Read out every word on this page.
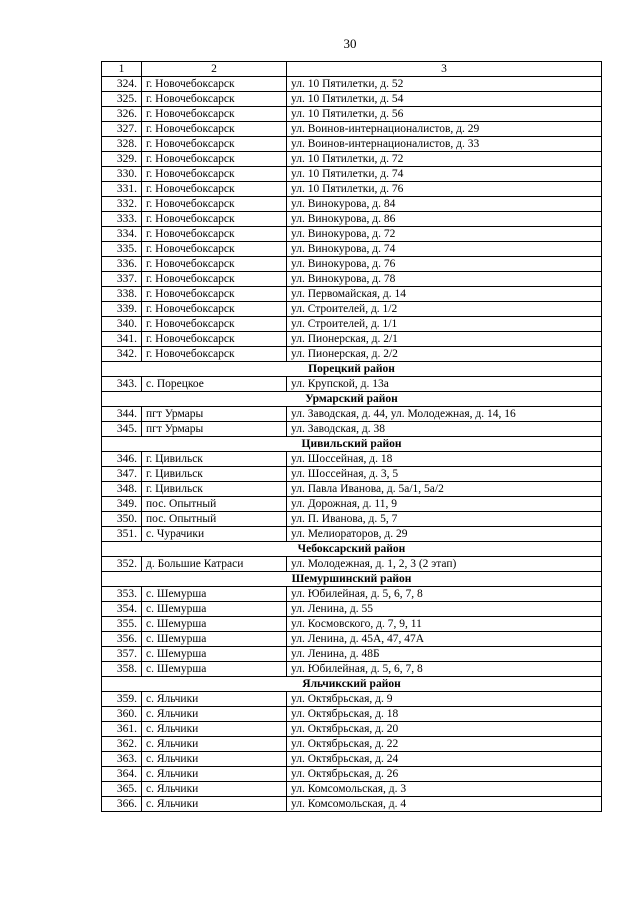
30
1	2	3
324.	г. Новочебоксарск	ул. 10 Пятилетки, д. 52
325.	г. Новочебоксарск	ул. 10 Пятилетки, д. 54
326.	г. Новочебоксарск	ул. 10 Пятилетки, д. 56
327.	г. Новочебоксарск	ул. Воинов-интернационалистов, д. 29
328.	г. Новочебоксарск	ул. Воинов-интернационалистов, д. 33
329.	г. Новочебоксарск	ул. 10 Пятилетки, д. 72
330.	г. Новочебоксарск	ул. 10 Пятилетки, д. 74
331.	г. Новочебоксарск	ул. 10 Пятилетки, д. 76
332.	г. Новочебоксарск	ул. Винокурова, д. 84
333.	г. Новочебоксарск	ул. Винокурова, д. 86
334.	г. Новочебоксарск	ул. Винокурова, д. 72
335.	г. Новочебоксарск	ул. Винокурова, д. 74
336.	г. Новочебоксарск	ул. Винокурова, д. 76
337.	г. Новочебоксарск	ул. Винокурова, д. 78
338.	г. Новочебоксарск	ул. Первомайская, д. 14
339.	г. Новочебоксарск	ул. Строителей, д. 1/2
340.	г. Новочебоксарск	ул. Строителей, д. 1/1
341.	г. Новочебоксарск	ул. Пионерская, д. 2/1
342.	г. Новочебоксарск	ул. Пионерская, д. 2/2
Порецкий район		
343.	с. Порецкое	ул. Крупской, д. 13а
Урмарский район		
344.	пгт Урмары	ул. Заводская, д. 44, ул. Молодежная, д. 14, 16
345.	пгт Урмары	ул. Заводская, д. 38
Цивильский район		
346.	г. Цивильск	ул. Шоссейная, д. 18
347.	г. Цивильск	ул. Шоссейная, д. 3, 5
348.	г. Цивильск	ул. Павла Иванова, д. 5а/1, 5а/2
349.	пос. Опытный	ул. Дорожная, д. 11, 9
350.	пос. Опытный	ул. П. Иванова, д. 5, 7
351.	с. Чурачики	ул. Мелиораторов, д. 29
Чебоксарский район		
352.	д. Большие Катраси	ул. Молодежная, д. 1, 2, 3 (2 этап)
Шемуршинский район		
353.	с. Шемурша	ул. Юбилейная, д. 5, 6, 7, 8
354.	с. Шемурша	ул. Ленина, д. 55
355.	с. Шемурша	ул. Космовского, д. 7, 9, 11
356.	с. Шемурша	ул. Ленина, д. 45А, 47, 47А
357.	с. Шемурша	ул. Ленина, д. 48Б
358.	с. Шемурша	ул. Юбилейная, д. 5, 6, 7, 8
Яльчикский район		
359.	с. Яльчики	ул. Октябрьская, д. 9
360.	с. Яльчики	ул. Октябрьская, д. 18
361.	с. Яльчики	ул. Октябрьская, д. 20
362.	с. Яльчики	ул. Октябрьская, д. 22
363.	с. Яльчики	ул. Октябрьская, д. 24
364.	с. Яльчики	ул. Октябрьская, д. 26
365.	с. Яльчики	ул. Комсомольская, д. 3
366.	с. Яльчики	ул. Комсомольская, д. 4
